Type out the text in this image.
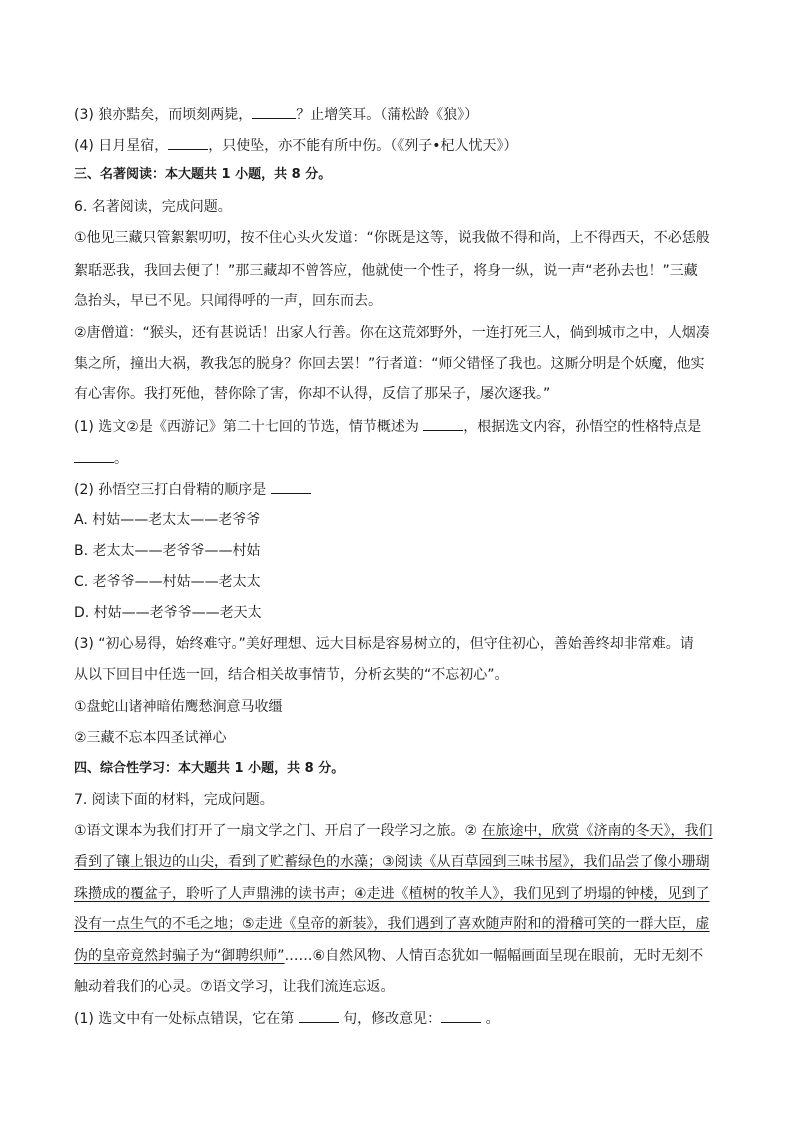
(3) 狼亦黠矣，而顷刻两毙，	？止增笑耳。（蒲松龄《狼》）
(4) 日月星宿，	，只使坠，亦不能有所中伤。（《列子•杞人忧天》）
三、名著阅读：本大题共 1 小题，共 8 分。
6. 名著阅读，完成问题。
①他见三藏只管絮絮叨叨，按不住心头火发道：“你既是这等，说我做不得和尚，上不得西天，不必恁般
絮聒恶我，我回去便了！”那三藏却不曾答应，他就使一个性子，将身一纵，说一声“老孙去也！”三藏
急抬头，早已不见。只闻得呼的一声，回东而去。
②唐僧道：“猴头，还有甚说话！出家人行善。你在这荒郊野外，一连打死三人，倘到城市之中，人烟凑
集之所，撞出大祸，教我怎的脱身？你回去罢！”行者道：“师父错怪了我也。这厮分明是个妖魔，他实
有心害你。我打死他，替你除了害，你却不认得，反信了那呆子，屡次逐我。”
(1) 选文②是《西游记》第二十七回的节选，情节概述为	，根据选文内容，孙悟空的性格特点是
。
(2) 孙悟空三打白骨精的顺序是
A. 村姑——老太太——老爷爷
B. 老太太——老爷爷——村姑
C. 老爷爷——村姑——老太太
D. 村姑——老爷爷——老天太
(3) “初心易得，始终难守。”美好理想、远大目标是容易树立的，但守住初心，善始善终却非常难。请
从以下回目中任选一回，结合相关故事情节，分析玄奘的“不忘初心”。
①盘蛇山诸神暗佑鹰愁涧意马收缰
②三藏不忘本四圣试禅心
四、综合性学习：本大题共 1 小题，共 8 分。
7. 阅读下面的材料，完成问题。
①语文课本为我们打开了一扇文学之门、开启了一段学习之旅。② 在旅途中，欣赏《济南的冬天》，我们
看到了镶上银边的山尖，看到了贮蓄绿色的水藻；③阅读《从百草园到三味书屋》，我们品尝了像小珊瑚
珠攒成的覆盆子，聆听了人声鼎沸的读书声；④走进《植树的牧羊人》，我们见到了坍塌的钟楼，见到了
没有一点生气的不毛之地；⑤走进《皇帝的新装》，我们遇到了喜欢随声附和的滑稽可笑的一群大臣，虚
伪的皇帝竟然封骗子为“御聘织师”……⑥自然风物、人情百态犹如一幅幅画面呈现在眼前，无时无刻不
触动着我们的心灵。⑦语文学习，让我们流连忘返。
(1) 选文中有一处标点错误，它在第	句，修改意见：	。
